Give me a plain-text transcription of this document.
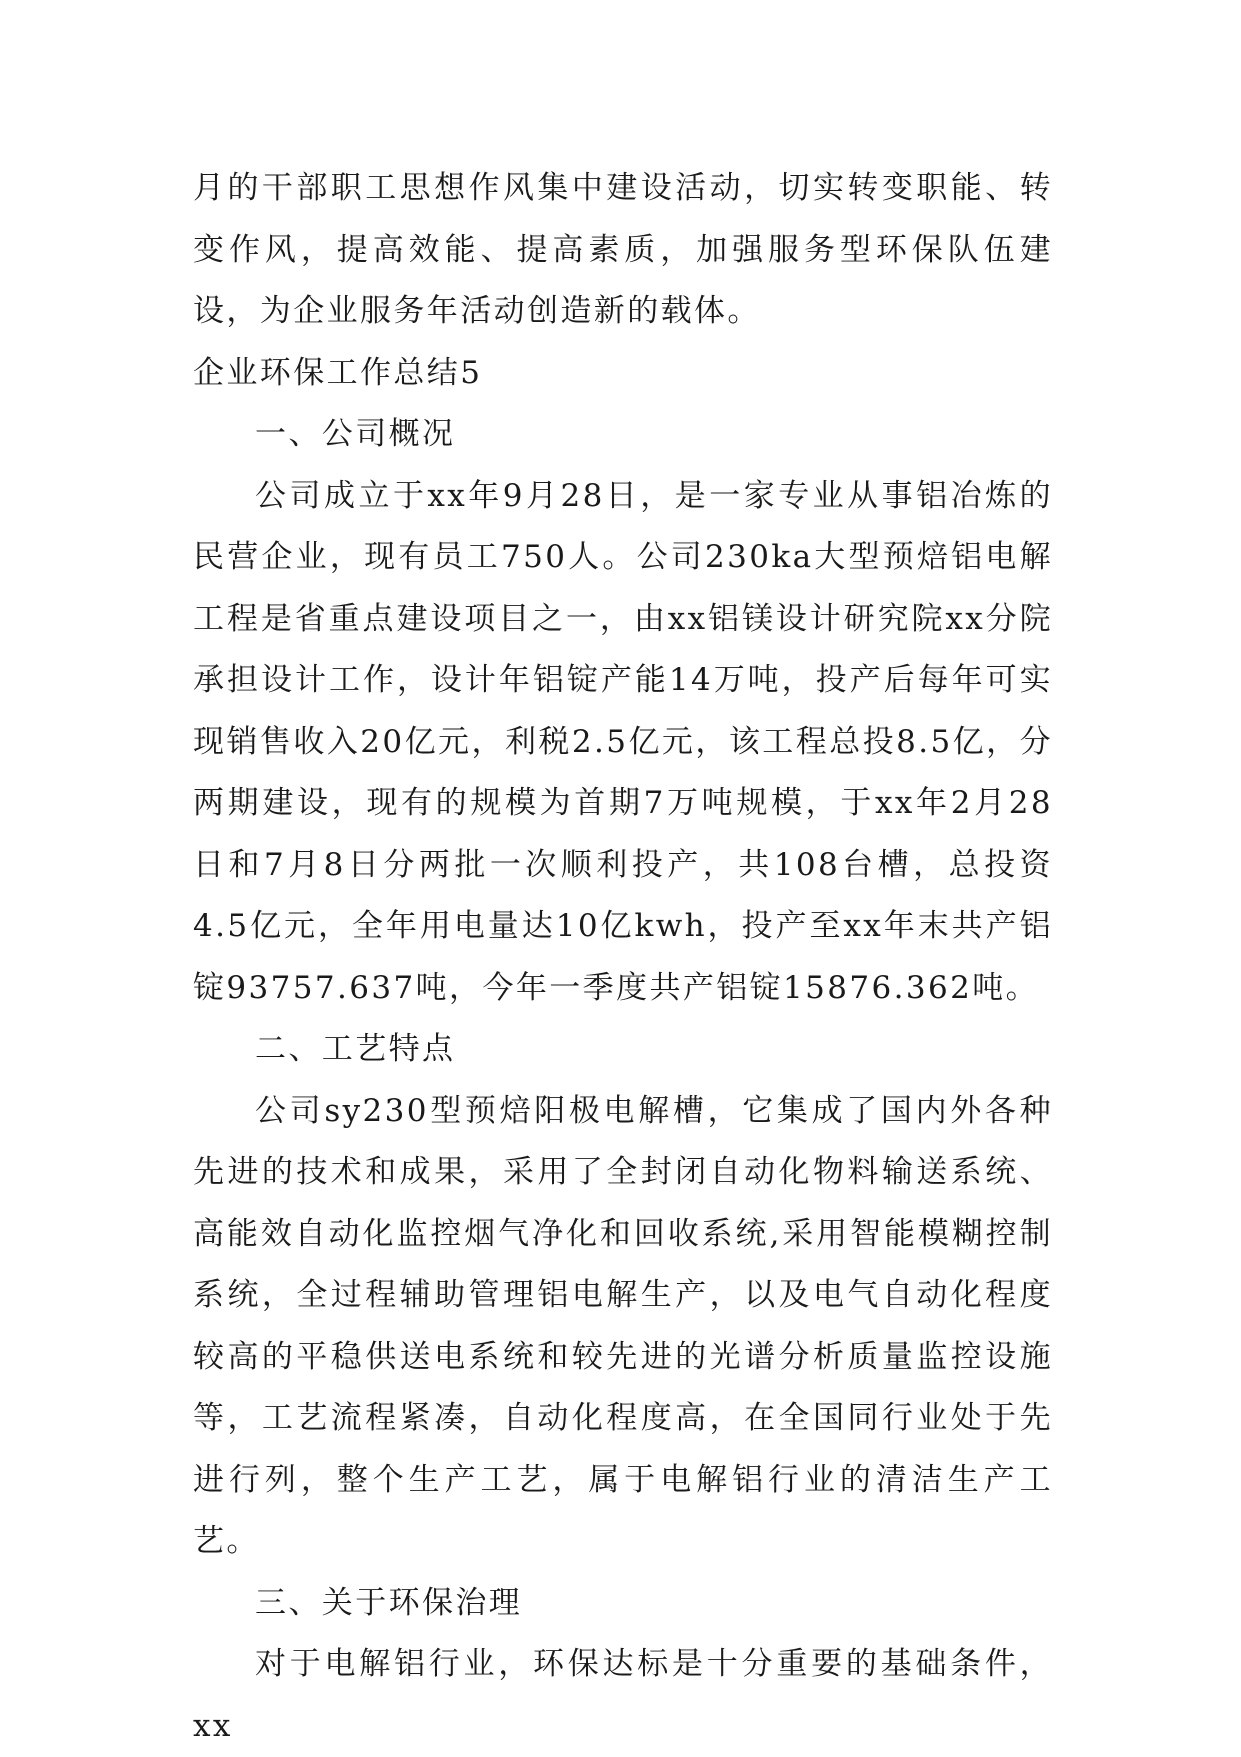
月的干部职工思想作风集中建设活动，切实转变职能、转变作风，提高效能、提高素质，加强服务型环保队伍建设，为企业服务年活动创造新的载体。

企业环保工作总结5

一、公司概况

公司成立于xx年9月28日，是一家专业从事铝冶炼的民营企业，现有员工750人。公司230ka大型预焙铝电解工程是省重点建设项目之一，由xx铝镁设计研究院xx分院承担设计工作，设计年铝锭产能14万吨，投产后每年可实现销售收入20亿元，利税2.5亿元，该工程总投8.5亿，分两期建设，现有的规模为首期7万吨规模，于xx年2月28日和7月8日分两批一次顺利投产，共108台槽，总投资4.5亿元，全年用电量达10亿kwh，投产至xx年末共产铝锭93757.637吨，今年一季度共产铝锭15876.362吨。

二、工艺特点

公司sy230型预焙阳极电解槽，它集成了国内外各种先进的技术和成果，采用了全封闭自动化物料输送系统、高能效自动化监控烟气净化和回收系统,采用智能模糊控制系统，全过程辅助管理铝电解生产，以及电气自动化程度较高的平稳供送电系统和较先进的光谱分析质量监控设施等，工艺流程紧凑，自动化程度高，在全国同行业处于先进行列，整个生产工艺，属于电解铝行业的清洁生产工艺。

三、关于环保治理

对于电解铝行业，环保达标是十分重要的基础条件，xx
